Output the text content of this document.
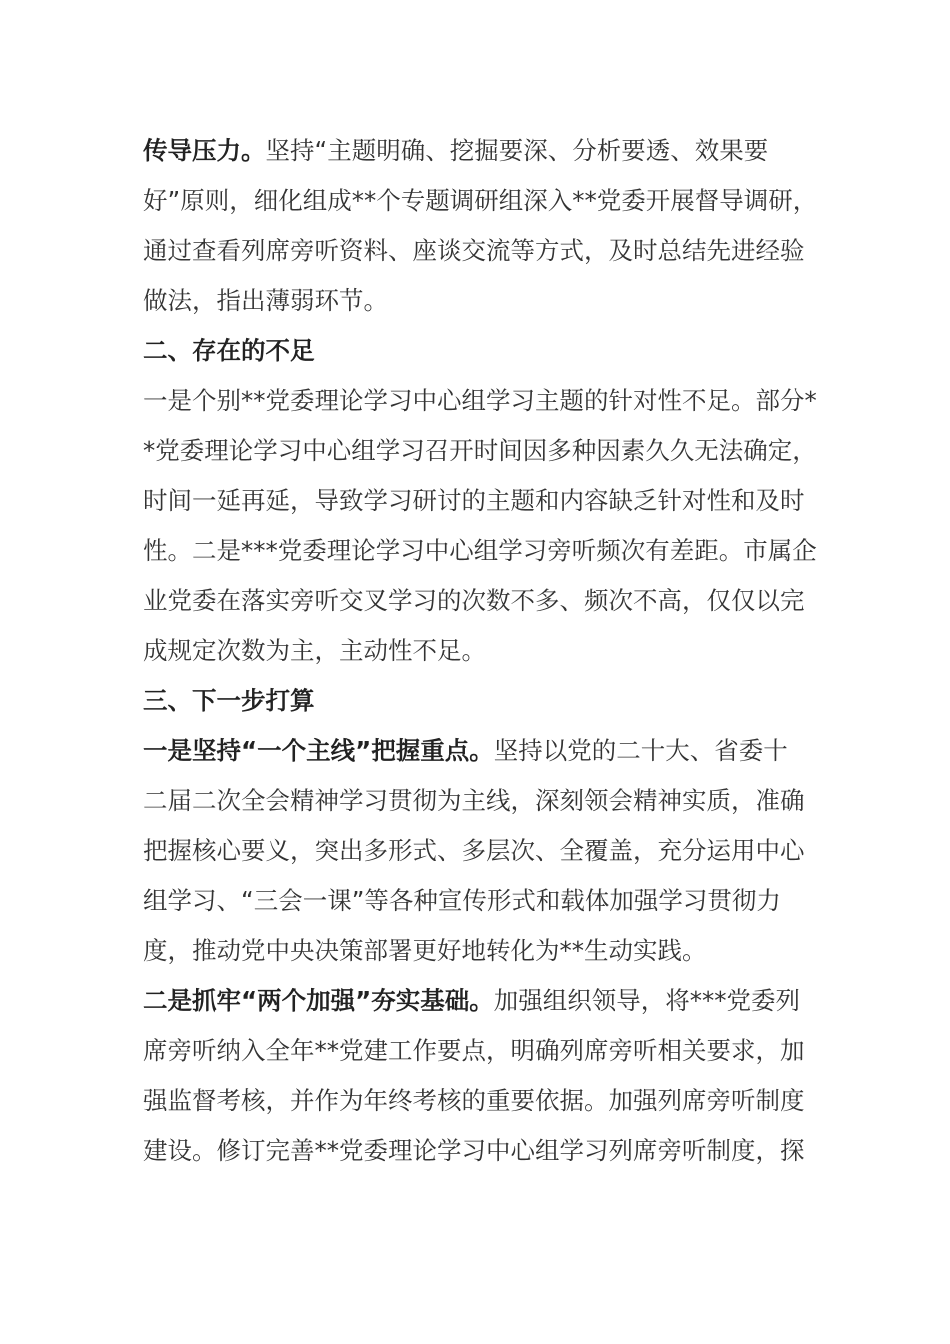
传导压力。坚持“主题明确、挖掘要深、分析要透、效果要
好”原则，细化组成**个专题调研组深入**党委开展督导调研，
通过查看列席旁听资料、座谈交流等方式，及时总结先进经验
做法，指出薄弱环节。
二、存在的不足
一是个别**党委理论学习中心组学习主题的针对性不足。部分*
*党委理论学习中心组学习召开时间因多种因素久久无法确定，
时间一延再延，导致学习研讨的主题和内容缺乏针对性和及时
性。二是***党委理论学习中心组学习旁听频次有差距。市属企
业党委在落实旁听交叉学习的次数不多、频次不高，仅仅以完
成规定次数为主，主动性不足。
三、下一步打算
一是坚持“一个主线”把握重点。坚持以党的二十大、省委十
二届二次全会精神学习贯彻为主线，深刻领会精神实质，准确
把握核心要义，突出多形式、多层次、全覆盖，充分运用中心
组学习、“三会一课”等各种宣传形式和载体加强学习贯彻力
度，推动党中央决策部署更好地转化为**生动实践。
二是抓牢“两个加强”夯实基础。加强组织领导，将***党委列
席旁听纳入全年**党建工作要点，明确列席旁听相关要求，加
强监督考核，并作为年终考核的重要依据。加强列席旁听制度
建设。修订完善**党委理论学习中心组学习列席旁听制度，探
